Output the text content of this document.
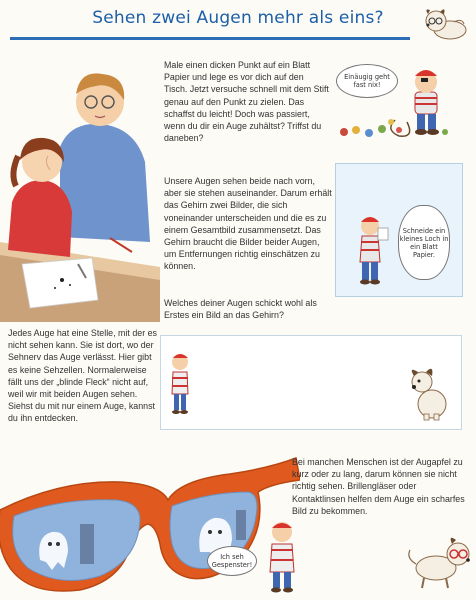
Sehen zwei Augen mehr als eins?
Male einen dicken Punkt auf ein Blatt Papier und lege es vor dich auf den Tisch. Jetzt versuche schnell mit dem Stift genau auf den Punkt zu zielen. Das schaffst du leicht! Doch was passiert, wenn du dir ein Auge zuhältst? Triffst du daneben?
Einäugig geht fast nix!
Unsere Augen sehen beide nach vorn, aber sie stehen auseinander. Darum erhält das Gehirn zwei Bilder, die sich voneinander unterscheiden und die es zu einem Gesamtbild zusammensetzt. Das Gehirn braucht die Bilder beider Augen, um Entfernungen richtig einschätzen zu können.
Welches deiner Augen schickt wohl als Erstes ein Bild an das Gehirn?
Schneide ein kleines Loch in ein Blatt Papier.
Jedes Auge hat eine Stelle, mit der es nicht sehen kann. Sie ist dort, wo der Sehnerv das Auge verlässt. Hier gibt es keine Sehzellen. Normalerweise fällt uns der „blinde Fleck“ nicht auf, weil wir mit beiden Augen sehen. Siehst du mit nur einem Auge, kannst du ihn entdecken.
Ich seh Gespenster!
Bei manchen Menschen ist der Augapfel zu kurz oder zu lang, darum können sie nicht richtig sehen. Brillengläser oder Kontaktlinsen helfen dem Auge ein scharfes Bild zu bekommen.
